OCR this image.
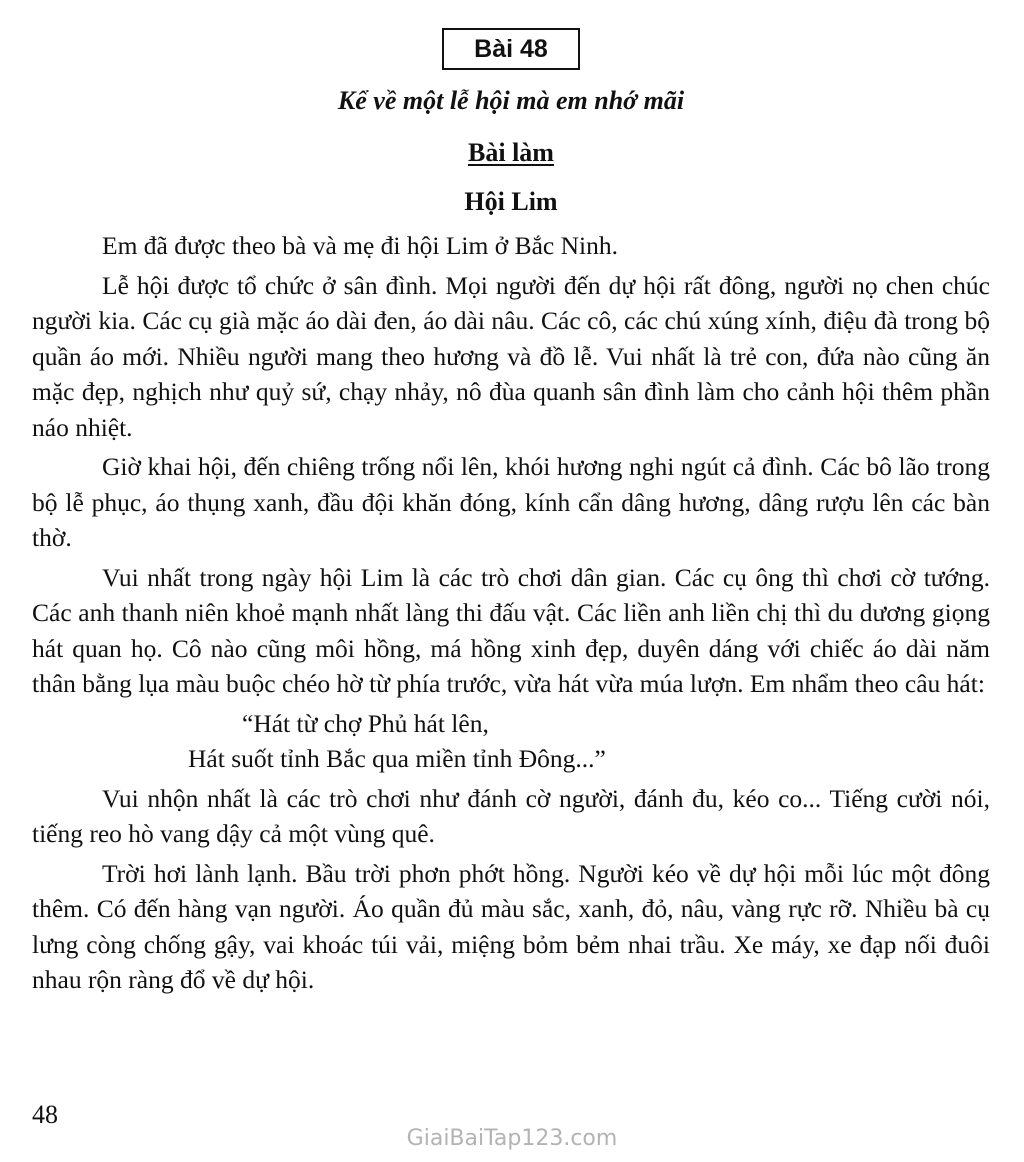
Bài 48
Kể về một lễ hội mà em nhớ mãi
Bài làm
Hội Lim

Em đã được theo bà và mẹ đi hội Lim ở Bắc Ninh.

Lễ hội được tổ chức ở sân đình. Mọi người đến dự hội rất đông, người nọ chen chúc người kia. Các cụ già mặc áo dài đen, áo dài nâu. Các cô, các chú xúng xính, điệu đà trong bộ quần áo mới. Nhiều người mang theo hương và đồ lễ. Vui nhất là trẻ con, đứa nào cũng ăn mặc đẹp, nghịch như quỷ sứ, chạy nhảy, nô đùa quanh sân đình làm cho cảnh hội thêm phần náo nhiệt.

Giờ khai hội, đến chiêng trống nổi lên, khói hương nghi ngút cả đình. Các bô lão trong bộ lễ phục, áo thụng xanh, đầu đội khăn đóng, kính cẩn dâng hương, dâng rượu lên các bàn thờ.

Vui nhất trong ngày hội Lim là các trò chơi dân gian. Các cụ ông thì chơi cờ tướng. Các anh thanh niên khoẻ mạnh nhất làng thi đấu vật. Các liền anh liền chị thì du dương giọng hát quan họ. Cô nào cũng môi hồng, má hồng xinh đẹp, duyên dáng với chiếc áo dài năm thân bằng lụa màu buộc chéo hờ từ phía trước, vừa hát vừa múa lượn. Em nhẩm theo câu hát:

“Hát từ chợ Phủ hát lên,
Hát suốt tỉnh Bắc qua miền tỉnh Đông...”

Vui nhộn nhất là các trò chơi như đánh cờ người, đánh đu, kéo co... Tiếng cười nói, tiếng reo hò vang dậy cả một vùng quê.

Trời hơi lành lạnh. Bầu trời phơn phớt hồng. Người kéo về dự hội mỗi lúc một đông thêm. Có đến hàng vạn người. Áo quần đủ màu sắc, xanh, đỏ, nâu, vàng rực rỡ. Nhiều bà cụ lưng còng chống gậy, vai khoác túi vải, miệng bỏm bẻm nhai trầu. Xe máy, xe đạp nối đuôi nhau rộn ràng đổ về dự hội.

48
GiaiBaiTap123.com
